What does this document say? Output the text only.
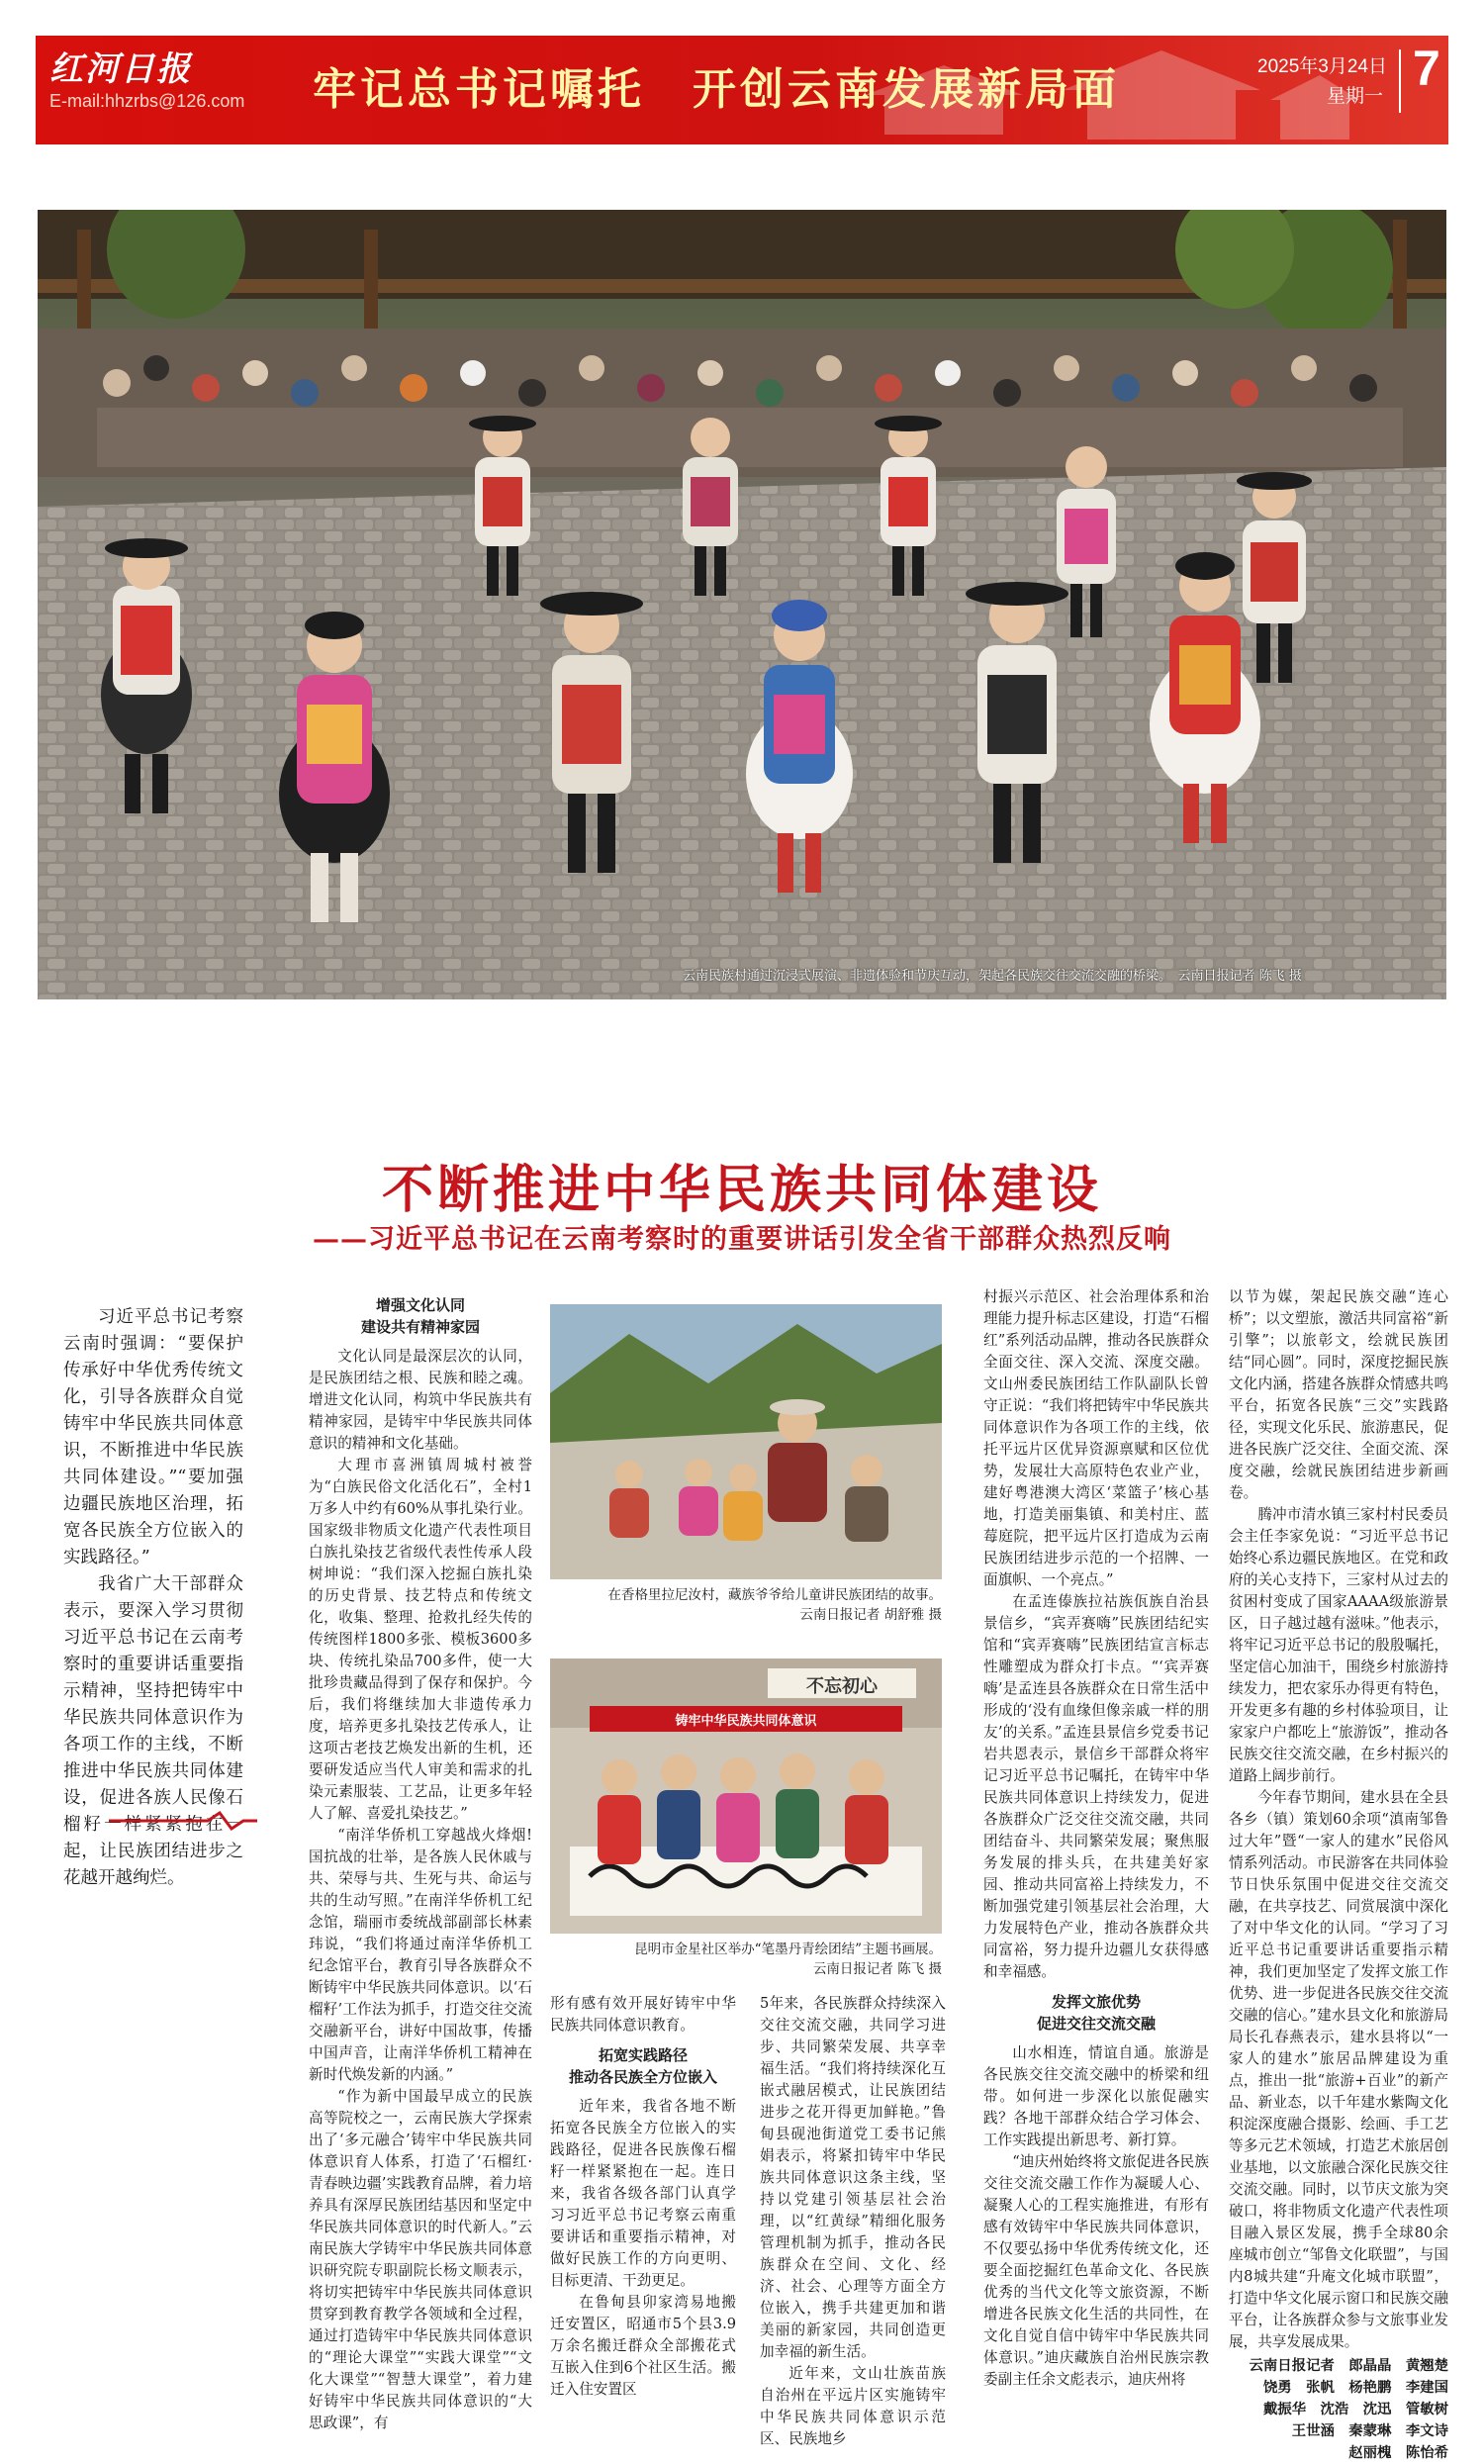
红河日报
E-mail:hhzrbs@126.com 牢记总书记嘱托　开创云南发展新局面	2025年3月24日
星期一 7
云南民族村通过沉浸式展演、非遗体验和节庆互动，架起各民族交往交流交融的桥梁。　云南日报记者 陈飞 摄
不断推进中华民族共同体建设
——习近平总书记在云南考察时的重要讲话引发全省干部群众热烈反响

习近平总书记考察云南时强调：“要保护传承好中华优秀传统文化，引导各族群众自觉铸牢中华民族共同体意识，不断推进中华民族共同体建设。”“要加强边疆民族地区治理，拓宽各民族全方位嵌入的实践路径。”

我省广大干部群众表示，要深入学习贯彻习近平总书记在云南考察时的重要讲话重要指示精神，坚持把铸牢中华民族共同体意识作为各项工作的主线，不断推进中华民族共同体建设，促进各族人民像石榴籽一样紧紧抱在一起，让民族团结进步之花越开越绚烂。

增强文化认同
建设共有精神家园

文化认同是最深层次的认同，是民族团结之根、民族和睦之魂。增进文化认同，构筑中华民族共有精神家园，是铸牢中华民族共同体意识的精神和文化基础。

大理市喜洲镇周城村被誉为“白族民俗文化活化石”，全村1万多人中约有60%从事扎染行业。国家级非物质文化遗产代表性项目白族扎染技艺省级代表性传承人段树坤说：“我们深入挖掘白族扎染的历史背景、技艺特点和传统文化，收集、整理、抢救扎经失传的传统图样1800多张、模板3600多块、传统扎染品700多件，使一大批珍贵藏品得到了保存和保护。今后，我们将继续加大非遗传承力度，培养更多扎染技艺传承人，让这项古老技艺焕发出新的生机，还要研发适应当代人审美和需求的扎染元素服装、工艺品，让更多年轻人了解、喜爱扎染技艺。”

“南洋华侨机工穿越战火烽烟!国抗战的壮举，是各族人民休戚与共、荣辱与共、生死与共、命运与共的生动写照。”在南洋华侨机工纪念馆，瑞丽市委统战部副部长林素玮说，“我们将通过南洋华侨机工纪念馆平台，教育引导各族群众不断铸牢中华民族共同体意识。以‘石榴籽’工作法为抓手，打造交往交流交融新平台，讲好中国故事，传播中国声音，让南洋华侨机工精神在新时代焕发新的内涵。”

“作为新中国最早成立的民族高等院校之一，云南民族大学探索出了‘多元融合’铸牢中华民族共同体意识育人体系，打造了‘石榴红·青春映边疆’实践教育品牌，着力培养具有深厚民族团结基因和坚定中华民族共同体意识的时代新人。”云南民族大学铸牢中华民族共同体意识研究院专职副院长杨文顺表示，将切实把铸牢中华民族共同体意识贯穿到教育教学各领域和全过程，通过打造铸牢中华民族共同体意识的“理论大课堂”“实践大课堂”“文化大课堂”“智慧大课堂”，着力建好铸牢中华民族共同体意识的“大思政课”，有

在香格里拉尼汝村，藏族爷爷给儿童讲民族团结的故事。
云南日报记者 胡舒雅 摄
铸牢中华民族共同体意识
不忘初心
昆明市金星社区举办“笔墨丹青绘团结”主题书画展。
云南日报记者 陈飞 摄

形有感有效开展好铸牢中华民族共同体意识教育。

拓宽实践路径
推动各民族全方位嵌入

近年来，我省各地不断拓宽各民族全方位嵌入的实践路径，促进各民族像石榴籽一样紧紧抱在一起。连日来，我省各级各部门认真学习习近平总书记考察云南重要讲话和重要指示精神，对做好民族工作的方向更明、目标更清、干劲更足。

在鲁甸县卯家湾易地搬迁安置区，昭通市5个县3.9万余名搬迁群众全部搬花式互嵌入住到6个社区生活。搬迁入住安置区

5年来，各民族群众持续深入交往交流交融，共同学习进步、共同繁荣发展、共享幸福生活。“我们将持续深化互嵌式融居模式，让民族团结进步之花开得更加鲜艳。”鲁甸县砚池街道党工委书记熊娟表示，将紧扣铸牢中华民族共同体意识这条主线，坚持以党建引领基层社会治理，以“红黄绿”精细化服务管理机制为抓手，推动各民族群众在空间、文化、经济、社会、心理等方面全方位嵌入，携手共建更加和谐美丽的新家园，共同创造更加幸福的新生活。

近年来，文山壮族苗族自治州在平远片区实施铸牢中华民族共同体意识示范区、民族地乡

村振兴示范区、社会治理体系和治理能力提升标志区建设，打造“石榴红”系列活动品牌，推动各民族群众全面交往、深入交流、深度交融。文山州委民族团结工作队副队长曾守正说：“我们将把铸牢中华民族共同体意识作为各项工作的主线，依托平远片区优异资源禀赋和区位优势，发展壮大高原特色农业产业，建好粤港澳大湾区‘菜篮子’核心基地，打造美丽集镇、和美村庄、蓝莓庭院，把平远片区打造成为云南民族团结进步示范的一个招牌、一面旗帜、一个亮点。”

在孟连傣族拉祜族佤族自治县景信乡，“宾弄赛嗨”民族团结纪实馆和“宾弄赛嗨”民族团结宣言标志性雕塑成为群众打卡点。“‘宾弄赛嗨’是孟连县各族群众在日常生活中形成的‘没有血缘但像亲戚一样的朋友’的关系。”孟连县景信乡党委书记岩共恩表示，景信乡干部群众将牢记习近平总书记嘱托，在铸牢中华民族共同体意识上持续发力，促进各族群众广泛交往交流交融，共同团结奋斗、共同繁荣发展；聚焦服务发展的排头兵，在共建美好家园、推动共同富裕上持续发力，不断加强党建引领基层社会治理，大力发展特色产业，推动各族群众共同富裕，努力提升边疆儿女获得感和幸福感。

发挥文旅优势
促进交往交流交融

山水相连，情谊自通。旅游是各民族交往交流交融中的桥梁和纽带。如何进一步深化以旅促融实践？各地干部群众结合学习体会、工作实践提出新思考、新打算。

“迪庆州始终将文旅促进各民族交往交流交融工作作为凝暖人心、凝聚人心的工程实施推进，有形有感有效铸牢中华民族共同体意识，不仅要弘扬中华优秀传统文化，还要全面挖掘红色革命文化、各民族优秀的当代文化等文旅资源，不断增进各民族文化生活的共同性，在文化自觉自信中铸牢中华民族共同体意识。”迪庆藏族自治州民族宗教委副主任余文彪表示，迪庆州将

以节为媒，架起民族交融“连心桥”；以文塑旅，激活共同富裕“新引擎”；以旅彰文，绘就民族团结“同心圆”。同时，深度挖掘民族文化内涵，搭建各族群众情感共鸣平台，拓宽各民族“三交”实践路径，实现文化乐民、旅游惠民，促进各民族广泛交往、全面交流、深度交融，绘就民族团结进步新画卷。

腾冲市清水镇三家村村民委员会主任李家免说：“习近平总书记始终心系边疆民族地区。在党和政府的关心支持下，三家村从过去的贫困村变成了国家AAAA级旅游景区，日子越过越有滋味。”他表示，将牢记习近平总书记的殷殷嘱托，坚定信心加油干，围绕乡村旅游持续发力，把农家乐办得更有特色，开发更多有趣的乡村体验项目，让家家户户都吃上“旅游饭”，推动各民族交往交流交融，在乡村振兴的道路上阔步前行。

今年春节期间，建水县在全县各乡（镇）策划60余项“滇南邹鲁过大年”暨“一家人的建水”民俗风情系列活动。市民游客在共同体验节日快乐氛围中促进交往交流交融，在共享技艺、同赏展演中深化了对中华文化的认同。“学习了习近平总书记重要讲话重要指示精神，我们更加坚定了发挥文旅工作优势、进一步促进各民族交往交流交融的信心。”建水县文化和旅游局局长孔春燕表示，建水县将以“一家人的建水”旅居品牌建设为重点，推出一批“旅游+百业”的新产品、新业态，以千年建水紫陶文化积淀深度融合摄影、绘画、手工艺等多元艺术领域，打造艺术旅居创业基地，以文旅融合深化民族交往交流交融。同时，以节庆文旅为突破口，将非物质文化遗产代表性项目融入景区发展，携手全球80余座城市创立“邹鲁文化联盟”，与国内8城共建“升庵文化城市联盟”，打造中华文化展示窗口和民族交融平台，让各族群众参与文旅事业发展，共享发展成果。

云南日报记者　郎晶晶　黄翘楚
饶勇　张帆　杨艳鹏　李建国
戴振华　沈浩　沈迅　管敏树
王世涵　秦蒙琳　李文诗
赵丽槐　陈怡希
